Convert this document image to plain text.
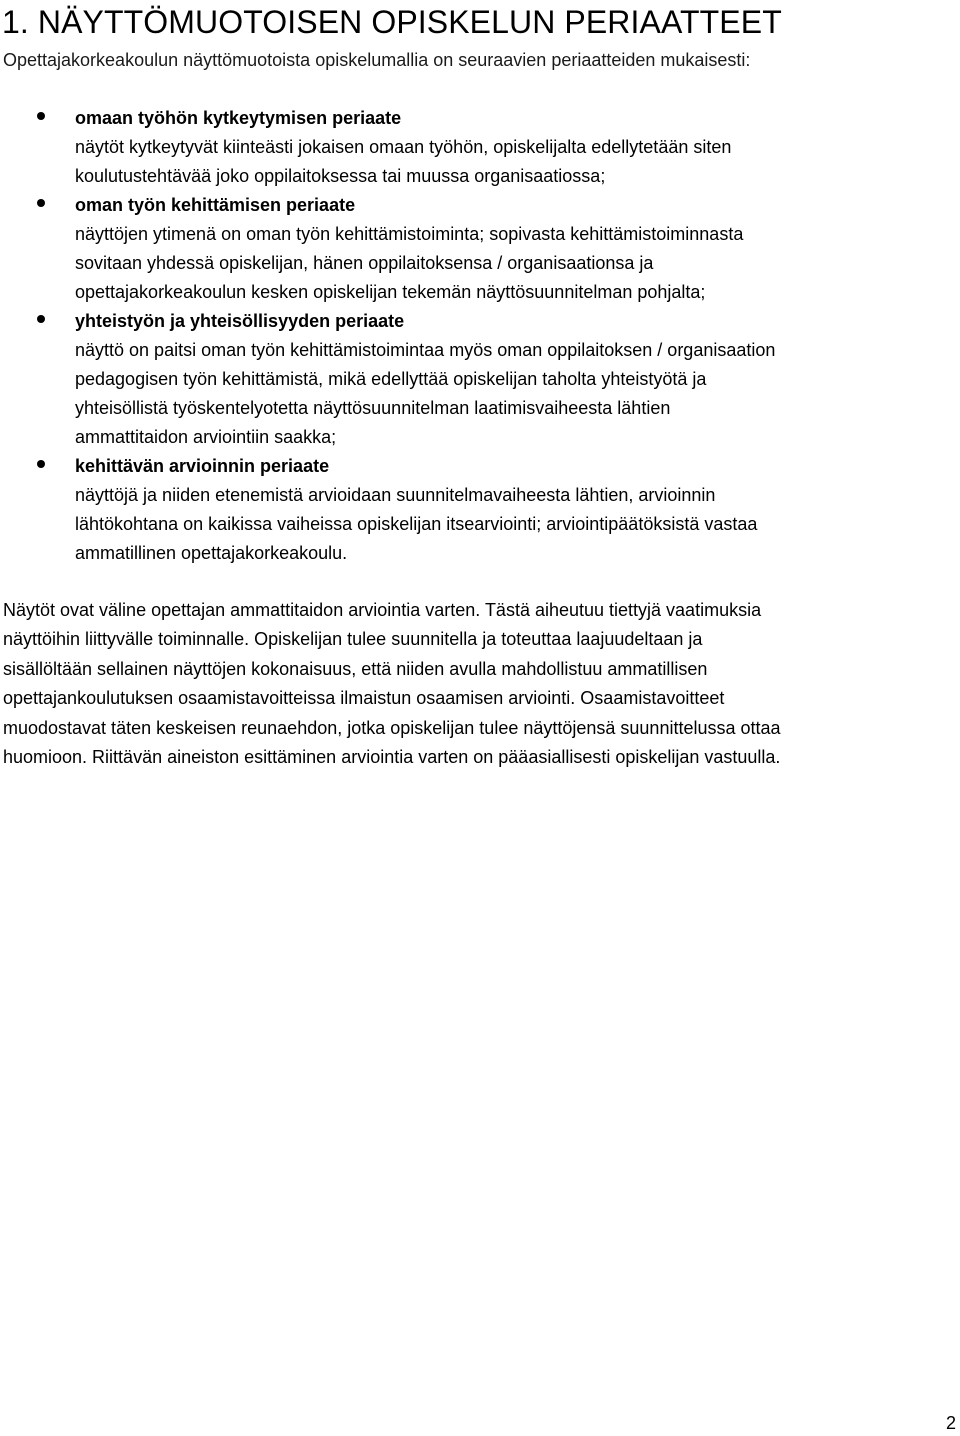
1. NÄYTTÖMUOTOISEN OPISKELUN PERIAATTEET

Opettajakorkeakoulun näyttömuotoista opiskelumallia on seuraavien periaatteiden mukaisesti:

omaan työhön kytkeytymisen periaate
näytöt kytkeytyvät kiinteästi jokaisen omaan työhön, opiskelijalta edellytetään siten
koulutustehtävää joko oppilaitoksessa tai muussa organisaatiossa;
oman työn kehittämisen periaate
näyttöjen ytimenä on oman työn kehittämistoiminta; sopivasta kehittämistoiminnasta
sovitaan yhdessä opiskelijan, hänen oppilaitoksensa / organisaationsa ja
opettajakorkeakoulun kesken opiskelijan tekemän näyttösuunnitelman pohjalta;
yhteistyön ja yhteisöllisyyden periaate
näyttö on paitsi oman työn kehittämistoimintaa myös oman oppilaitoksen / organisaation
pedagogisen työn kehittämistä, mikä edellyttää opiskelijan taholta yhteistyötä ja
yhteisöllistä työskentelyotetta näyttösuunnitelman laatimisvaiheesta lähtien
ammattitaidon arviointiin saakka;
kehittävän arvioinnin periaate
näyttöjä ja niiden etenemistä arvioidaan suunnitelmavaiheesta lähtien, arvioinnin
lähtökohtana on kaikissa vaiheissa opiskelijan itsearviointi; arviointipäätöksistä vastaa
ammatillinen opettajakorkeakoulu.

Näytöt ovat väline opettajan ammattitaidon arviointia varten. Tästä aiheutuu tiettyjä vaatimuksia
näyttöihin liittyvälle toiminnalle. Opiskelijan tulee suunnitella ja toteuttaa laajuudeltaan ja
sisällöltään sellainen näyttöjen kokonaisuus, että niiden avulla mahdollistuu ammatillisen
opettajankoulutuksen osaamistavoitteissa ilmaistun osaamisen arviointi. Osaamistavoitteet
muodostavat täten keskeisen reunaehdon, jotka opiskelijan tulee näyttöjensä suunnittelussa ottaa
huomioon. Riittävän aineiston esittäminen arviointia varten on pääasiallisesti opiskelijan vastuulla.

2
